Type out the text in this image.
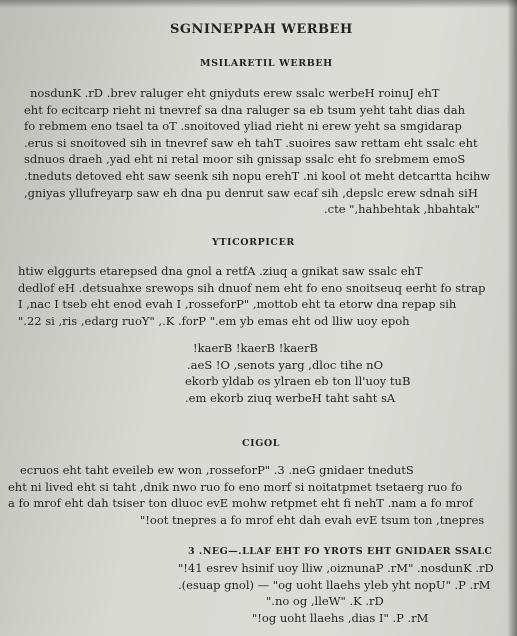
SGNINEPPAH WERBEH
MSILARETIL WERBEH

nosdunK .rD .brev raluger eht gniyduts erew ssalc werbeH roinuJ ehT

eht fo ecitcarp rieht ni tnevref sa dna raluger sa eb tsum yeht taht dias dah

fo rebmem eno tsael ta oT .snoitoved yliad rieht ni erew yeht sa smgidarap

.erus si snoitoved sih in tnevref saw eh tahT .suoires saw rettam eht ssalc eht

sdnuos draeh ,yad eht ni retal moor sih gnissap ssalc eht fo srebmem emoS

.tneduts detoved eht saw seenk sih nopu erehT .ni kool ot meht detcartta hcihw

,gniyas yllufreyarp saw eh dna pu denrut saw ecaf sih ,depslc erew sdnah siH

.cte ",hahbehtak ,hbahtak"

YTICORPICER

htiw elggurts etarepsed dna gnol a retfA .ziuq a gnikat saw ssalc ehT

dedlof eH .detsuahxe srewops sih dnuof nem eht fo eno snoitseuq eerht fo strap

I ,nac I tseb eht enod evah I ,rosseforP" ,mottob eht ta etorw dna repap sih

".22 si ,ris ,edarg ruoY" ,.K .forP ".em yb emas eht od lliw uoy epoh

!kaerB !kaerB !kaerB

.aeS !O ,senots yarg ,dloc tihe nO

ekorb yldab os ylraen eb ton ll'uoy tuB

.em ekorb ziuq werbeH taht saht sA

CIGOL

ecruos eht taht eveileb ew won ,rosseforP" .3 .neG gnidaer tnedutS

eht ni lived eht si taht ,dnik nwo ruo fo eno morf si noitatpmet tsetaerg ruo fo

a fo mrof eht dah tsiser ton dluoc evE mohw retpmet eht fi nehT .nam a fo mrof

"!oot tnepres a fo mrof eht dah evah evE tsum ton ,tnepres

3 .NEG—.LLAF EHT FO YROTS EHT GNIDAER SSALC

"!41 esrev hsinif uoy lliw ,oiznunaP .rM" .nosdunK .rD

.(esuap gnol) — "og uoht llaehs yleb yht nopU" .P .rM

".no og ,lleW" .K .rD

"!og uoht llaehs ,dias I" .P .rM
